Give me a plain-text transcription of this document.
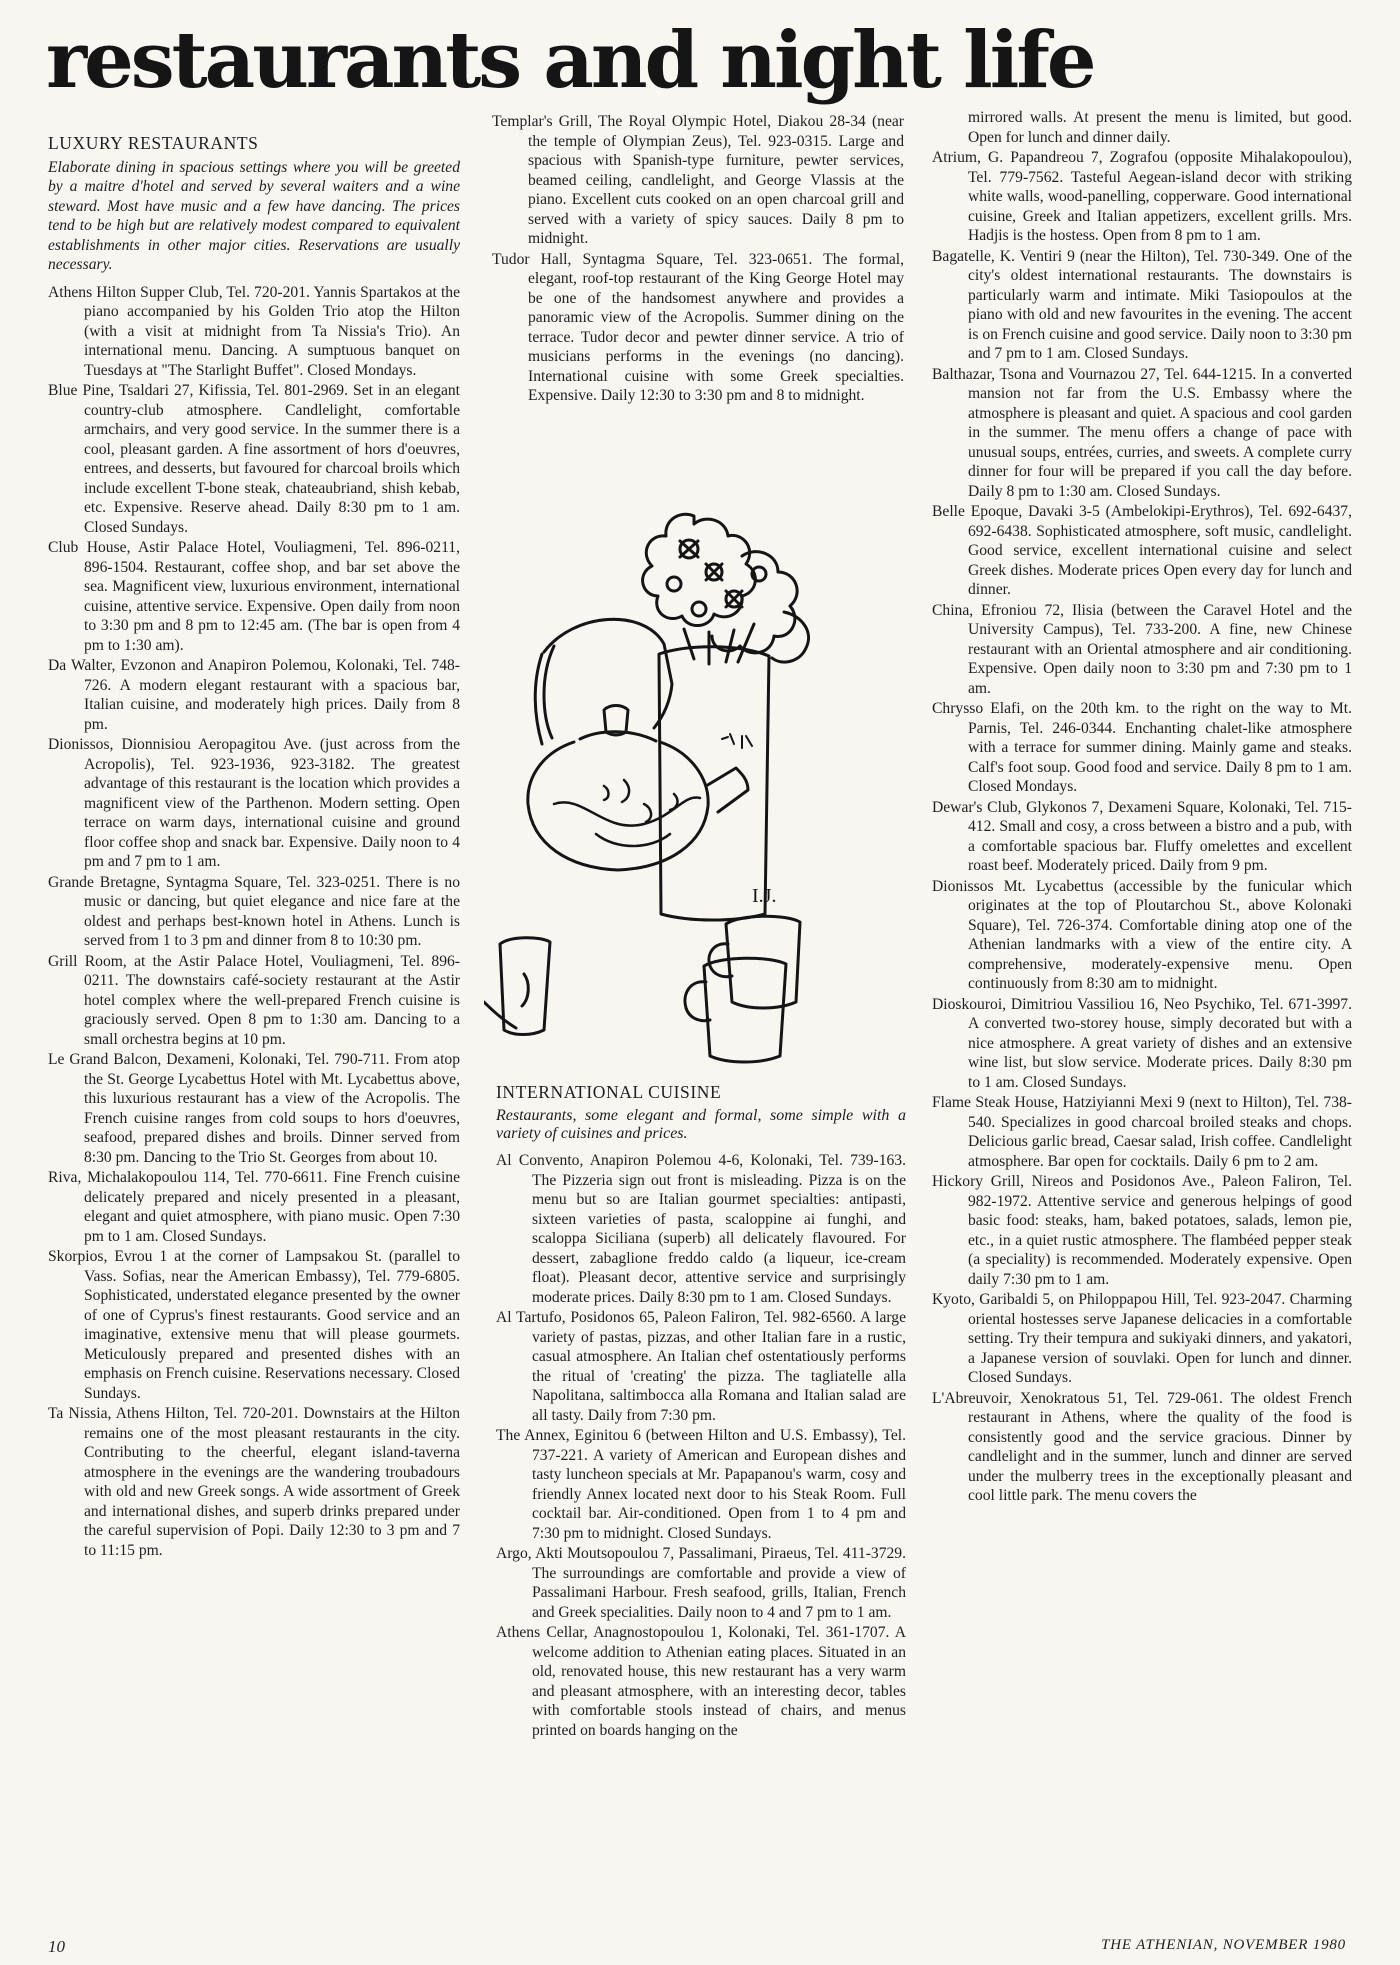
restaurants and night life
LUXURY RESTAURANTS

Elaborate dining in spacious settings where you will be greeted by a maitre d'hotel and served by several waiters and a wine steward. Most have music and a few have dancing. The prices tend to be high but are relatively modest compared to equivalent establishments in other major cities. Reservations are usually necessary.

Athens Hilton Supper Club, Tel. 720-201. Yannis Spartakos at the piano accompanied by his Golden Trio atop the Hilton (with a visit at midnight from Ta Nissia's Trio). An international menu. Dancing. A sumptuous banquet on Tuesdays at "The Starlight Buffet". Closed Mondays.

Blue Pine, Tsaldari 27, Kifissia, Tel. 801-2969. Set in an elegant country-club atmosphere. Candlelight, comfortable armchairs, and very good service. In the summer there is a cool, pleasant garden. A fine assortment of hors d'oeuvres, entrees, and desserts, but favoured for charcoal broils which include excellent T-bone steak, chateaubriand, shish kebab, etc. Expensive. Reserve ahead. Daily 8:30 pm to 1 am. Closed Sundays.

Club House, Astir Palace Hotel, Vouliagmeni, Tel. 896-0211, 896-1504. Restaurant, coffee shop, and bar set above the sea. Magnificent view, luxurious environment, international cuisine, attentive service. Expensive. Open daily from noon to 3:30 pm and 8 pm to 12:45 am. (The bar is open from 4 pm to 1:30 am).

Da Walter, Evzonon and Anapiron Polemou, Kolonaki, Tel. 748-726. A modern elegant restaurant with a spacious bar, Italian cuisine, and moderately high prices. Daily from 8 pm.

Dionissos, Dionnisiou Aeropagitou Ave. (just across from the Acropolis), Tel. 923-1936, 923-3182. The greatest advantage of this restaurant is the location which provides a magnificent view of the Parthenon. Modern setting. Open terrace on warm days, international cuisine and ground floor coffee shop and snack bar. Expensive. Daily noon to 4 pm and 7 pm to 1 am.

Grande Bretagne, Syntagma Square, Tel. 323-0251. There is no music or dancing, but quiet elegance and nice fare at the oldest and perhaps best-known hotel in Athens. Lunch is served from 1 to 3 pm and dinner from 8 to 10:30 pm.

Grill Room, at the Astir Palace Hotel, Vouliagmeni, Tel. 896-0211. The downstairs café-society restaurant at the Astir hotel complex where the well-prepared French cuisine is graciously served. Open 8 pm to 1:30 am. Dancing to a small orchestra begins at 10 pm.

Le Grand Balcon, Dexameni, Kolonaki, Tel. 790-711. From atop the St. George Lycabettus Hotel with Mt. Lycabettus above, this luxurious restaurant has a view of the Acropolis. The French cuisine ranges from cold soups to hors d'oeuvres, seafood, prepared dishes and broils. Dinner served from 8:30 pm. Dancing to the Trio St. Georges from about 10.

Riva, Michalakopoulou 114, Tel. 770-6611. Fine French cuisine delicately prepared and nicely presented in a pleasant, elegant and quiet atmosphere, with piano music. Open 7:30 pm to 1 am. Closed Sundays.

Skorpios, Evrou 1 at the corner of Lampsakou St. (parallel to Vass. Sofias, near the American Embassy), Tel. 779-6805. Sophisticated, understated elegance presented by the owner of one of Cyprus's finest restaurants. Good service and an imaginative, extensive menu that will please gourmets. Meticulously prepared and presented dishes with an emphasis on French cuisine. Reservations necessary. Closed Sundays.

Ta Nissia, Athens Hilton, Tel. 720-201. Downstairs at the Hilton remains one of the most pleasant restaurants in the city. Contributing to the cheerful, elegant island-taverna atmosphere in the evenings are the wandering troubadours with old and new Greek songs. A wide assortment of Greek and international dishes, and superb drinks prepared under the careful supervision of Popi. Daily 12:30 to 3 pm and 7 to 11:15 pm.

Templar's Grill, The Royal Olympic Hotel, Diakou 28-34 (near the temple of Olympian Zeus), Tel. 923-0315. Large and spacious with Spanish-type furniture, pewter services, beamed ceiling, candlelight, and George Vlassis at the piano. Excellent cuts cooked on an open charcoal grill and served with a variety of spicy sauces. Daily 8 pm to midnight.

Tudor Hall, Syntagma Square, Tel. 323-0651. The formal, elegant, roof-top restaurant of the King George Hotel may be one of the handsomest anywhere and provides a panoramic view of the Acropolis. Summer dining on the terrace. Tudor decor and pewter dinner service. A trio of musicians performs in the evenings (no dancing). International cuisine with some Greek specialties. Expensive. Daily 12:30 to 3:30 pm and 8 to midnight.

I.J.
INTERNATIONAL CUISINE

Restaurants, some elegant and formal, some simple with a variety of cuisines and prices.

Al Convento, Anapiron Polemou 4-6, Kolonaki, Tel. 739-163. The Pizzeria sign out front is misleading. Pizza is on the menu but so are Italian gourmet specialties: antipasti, sixteen varieties of pasta, scaloppine ai funghi, and scaloppa Siciliana (superb) all delicately flavoured. For dessert, zabaglione freddo caldo (a liqueur, ice-cream float). Pleasant decor, attentive service and surprisingly moderate prices. Daily 8:30 pm to 1 am. Closed Sundays.

Al Tartufo, Posidonos 65, Paleon Faliron, Tel. 982-6560. A large variety of pastas, pizzas, and other Italian fare in a rustic, casual atmosphere. An Italian chef ostentatiously performs the ritual of 'creating' the pizza. The tagliatelle alla Napolitana, saltimbocca alla Romana and Italian salad are all tasty. Daily from 7:30 pm.

The Annex, Eginitou 6 (between Hilton and U.S. Embassy), Tel. 737-221. A variety of American and European dishes and tasty luncheon specials at Mr. Papapanou's warm, cosy and friendly Annex located next door to his Steak Room. Full cocktail bar. Air-conditioned. Open from 1 to 4 pm and 7:30 pm to midnight. Closed Sundays.

Argo, Akti Moutsopoulou 7, Passalimani, Piraeus, Tel. 411-3729. The surroundings are comfortable and provide a view of Passalimani Harbour. Fresh seafood, grills, Italian, French and Greek specialities. Daily noon to 4 and 7 pm to 1 am.

Athens Cellar, Anagnostopoulou 1, Kolonaki, Tel. 361-1707. A welcome addition to Athenian eating places. Situated in an old, renovated house, this new restaurant has a very warm and pleasant atmosphere, with an interesting decor, tables with comfortable stools instead of chairs, and menus printed on boards hanging on the

mirrored walls. At present the menu is limited, but good. Open for lunch and dinner daily.

Atrium, G. Papandreou 7, Zografou (opposite Mihalakopoulou), Tel. 779-7562. Tasteful Aegean-island decor with striking white walls, wood-panelling, copperware. Good international cuisine, Greek and Italian appetizers, excellent grills. Mrs. Hadjis is the hostess. Open from 8 pm to 1 am.

Bagatelle, K. Ventiri 9 (near the Hilton), Tel. 730-349. One of the city's oldest international restaurants. The downstairs is particularly warm and intimate. Miki Tasiopoulos at the piano with old and new favourites in the evening. The accent is on French cuisine and good service. Daily noon to 3:30 pm and 7 pm to 1 am. Closed Sundays.

Balthazar, Tsona and Vournazou 27, Tel. 644-1215. In a converted mansion not far from the U.S. Embassy where the atmosphere is pleasant and quiet. A spacious and cool garden in the summer. The menu offers a change of pace with unusual soups, entrées, curries, and sweets. A complete curry dinner for four will be prepared if you call the day before. Daily 8 pm to 1:30 am. Closed Sundays.

Belle Epoque, Davaki 3-5 (Ambelokipi-Erythros), Tel. 692-6437, 692-6438. Sophisticated atmosphere, soft music, candlelight. Good service, excellent international cuisine and select Greek dishes. Moderate prices Open every day for lunch and dinner.

China, Efroniou 72, Ilisia (between the Caravel Hotel and the University Campus), Tel. 733-200. A fine, new Chinese restaurant with an Oriental atmosphere and air conditioning. Expensive. Open daily noon to 3:30 pm and 7:30 pm to 1 am.

Chrysso Elafi, on the 20th km. to the right on the way to Mt. Parnis, Tel. 246-0344. Enchanting chalet-like atmosphere with a terrace for summer dining. Mainly game and steaks. Calf's foot soup. Good food and service. Daily 8 pm to 1 am. Closed Mondays.

Dewar's Club, Glykonos 7, Dexameni Square, Kolonaki, Tel. 715-412. Small and cosy, a cross between a bistro and a pub, with a comfortable spacious bar. Fluffy omelettes and excellent roast beef. Moderately priced. Daily from 9 pm.

Dionissos Mt. Lycabettus (accessible by the funicular which originates at the top of Ploutarchou St., above Kolonaki Square), Tel. 726-374. Comfortable dining atop one of the Athenian landmarks with a view of the entire city. A comprehensive, moderately-expensive menu. Open continuously from 8:30 am to midnight.

Dioskouroi, Dimitriou Vassiliou 16, Neo Psychiko, Tel. 671-3997. A converted two-storey house, simply decorated but with a nice atmosphere. A great variety of dishes and an extensive wine list, but slow service. Moderate prices. Daily 8:30 pm to 1 am. Closed Sundays.

Flame Steak House, Hatziyianni Mexi 9 (next to Hilton), Tel. 738-540. Specializes in good charcoal broiled steaks and chops. Delicious garlic bread, Caesar salad, Irish coffee. Candlelight atmosphere. Bar open for cocktails. Daily 6 pm to 2 am.

Hickory Grill, Nireos and Posidonos Ave., Paleon Faliron, Tel. 982-1972. Attentive service and generous helpings of good basic food: steaks, ham, baked potatoes, salads, lemon pie, etc., in a quiet rustic atmosphere. The flambéed pepper steak (a speciality) is recommended. Moderately expensive. Open daily 7:30 pm to 1 am.

Kyoto, Garibaldi 5, on Philoppapou Hill, Tel. 923-2047. Charming oriental hostesses serve Japanese delicacies in a comfortable setting. Try their tempura and sukiyaki dinners, and yakatori, a Japanese version of souvlaki. Open for lunch and dinner. Closed Sundays.

L'Abreuvoir, Xenokratous 51, Tel. 729-061. The oldest French restaurant in Athens, where the quality of the food is consistently good and the service gracious. Dinner by candlelight and in the summer, lunch and dinner are served under the mulberry trees in the exceptionally pleasant and cool little park. The menu covers the

10	THE ATHENIAN, NOVEMBER 1980
